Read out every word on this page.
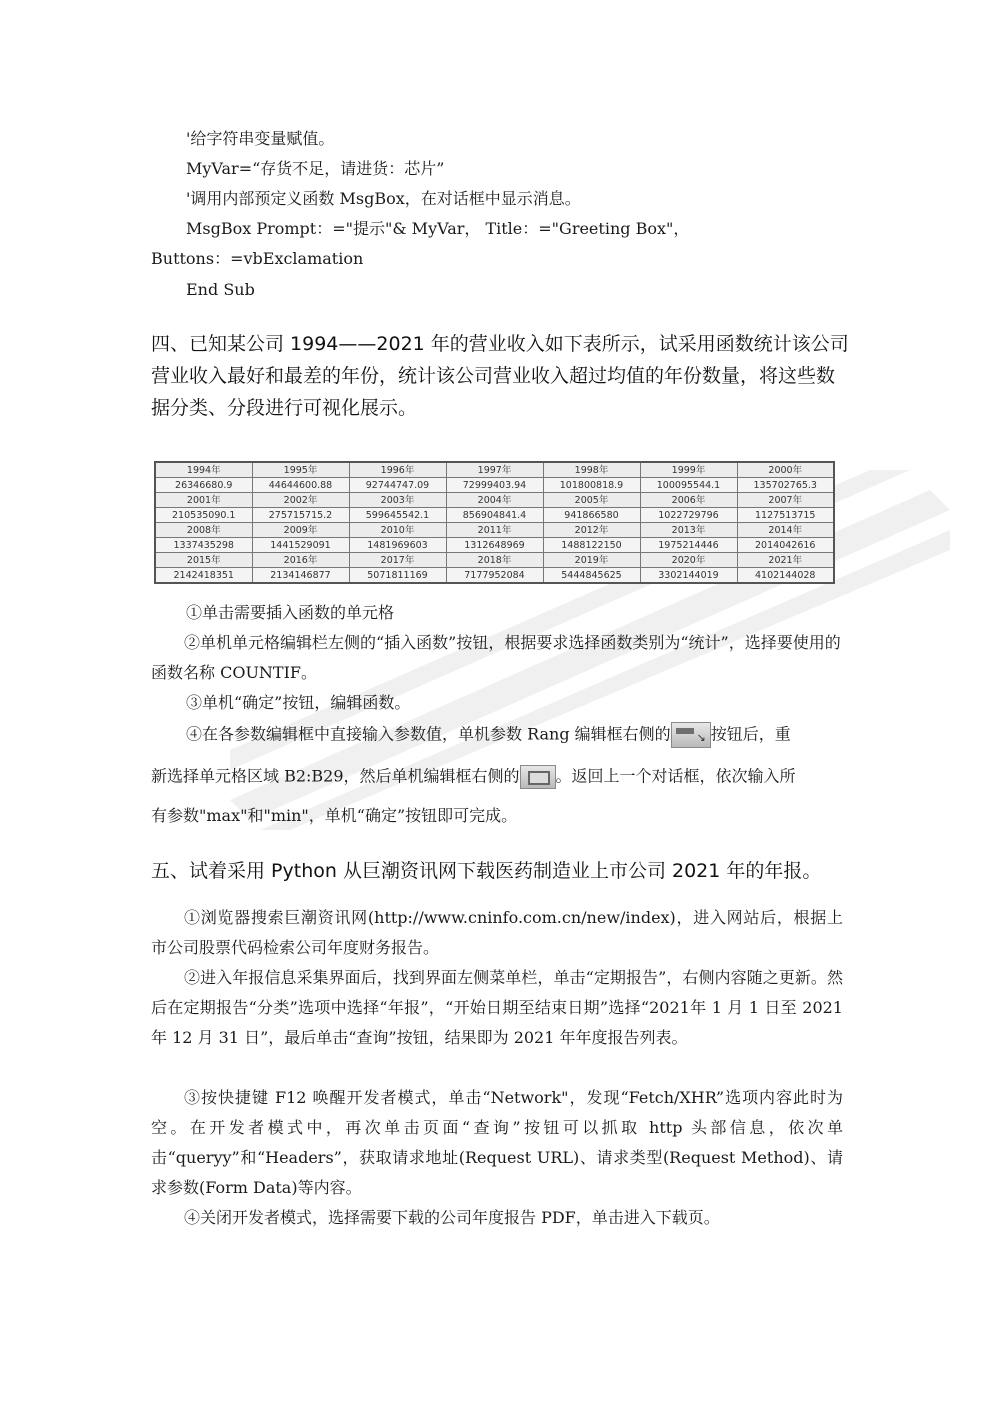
'给字符串变量赋值。
MyVar=“存货不足，请进货：芯片”
'调用内部预定义函数 MsgBox，在对话框中显示消息。
MsgBox Prompt：="提示"& MyVar， Title：="Greeting Box"，
Buttons：=vbExclamation
End Sub
四、已知某公司 1994——2021 年的营业收入如下表所示，试采用函数统计该公司营业收入最好和最差的年份，统计该公司营业收入超过均值的年份数量，将这些数据分类、分段进行可视化展示。
1994年	1995年	1996年	1997年	1998年	1999年	2000年
26346680.9	44644600.88	92744747.09	72999403.94	101800818.9	100095544.1	135702765.3
2001年	2002年	2003年	2004年	2005年	2006年	2007年
210535090.1	275715715.2	599645542.1	856904841.4	941866580	1022729796	1127513715
2008年	2009年	2010年	2011年	2012年	2013年	2014年
1337435298	1441529091	1481969603	1312648969	1488122150	1975214446	2014042616
2015年	2016年	2017年	2018年	2019年	2020年	2021年
2142418351	2134146877	5071811169	7177952084	5444845625	3302144019	4102144028
①单击需要插入函数的单元格
②单机单元格编辑栏左侧的“插入函数”按钮，根据要求选择函数类别为“统计”，选择要使用的函数名称 COUNTIF。
③单机“确定”按钮，编辑函数。
④在各参数编辑框中直接输入参数值，单机参数 Rang 编辑框右侧的 ↘ 按钮后，重
新选择单元格区域 B2:B29，然后单机编辑框右侧的 。返回上一个对话框，依次输入所
有参数"max"和"min"，单机“确定”按钮即可完成。
五、试着采用 Python 从巨潮资讯网下载医药制造业上市公司 2021 年的年报。
①浏览器搜索巨潮资讯网(http://www.cninfo.com.cn/new/index)，进入网站后，根据上市公司股票代码检索公司年度财务报告。
②进入年报信息采集界面后，找到界面左侧菜单栏，单击“定期报告”，右侧内容随之更新。然后在定期报告“分类”选项中选择“年报”，“开始日期至结束日期”选择“2021年 1 月 1 日至 2021 年 12 月 31 日”，最后单击“查询”按钮，结果即为 2021 年年度报告列表。
③按快捷键 F12 唤醒开发者模式，单击“Network"，发现“Fetch/XHR”选项内容此时为空。在开发者模式中，再次单击页面“查询”按钮可以抓取 http 头部信息，依次单击“queryy”和“Headers”，获取请求地址(Request URL)、请求类型(Request Method)、请求参数(Form Data)等内容。
④关闭开发者模式，选择需要下载的公司年度报告 PDF，单击进入下载页。
